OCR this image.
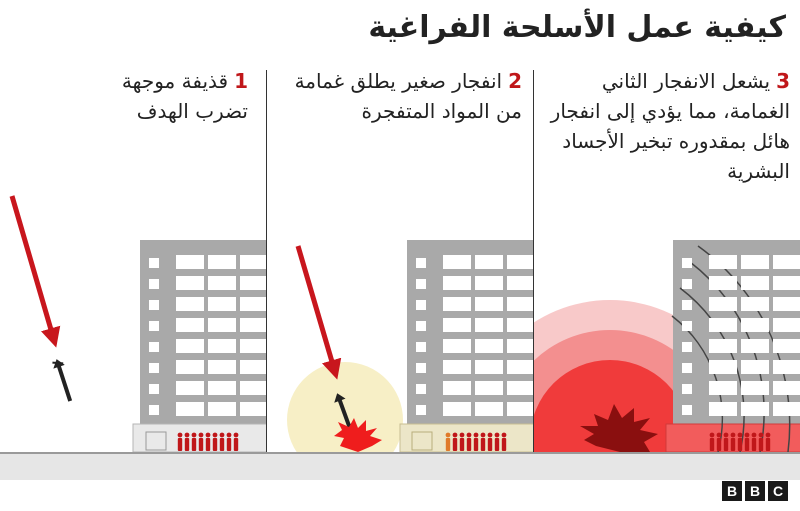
كيفية عمل الأسلحة الفراغية
1قذيفة موجهة تضرب الهدف
2انفجار صغير يطلق غمامة من المواد المتفجرة
3يشعل الانفجار الثاني الغمامة، مما يؤدي إلى انفجار هائل بمقدوره تبخير الأجساد البشرية
B B C
